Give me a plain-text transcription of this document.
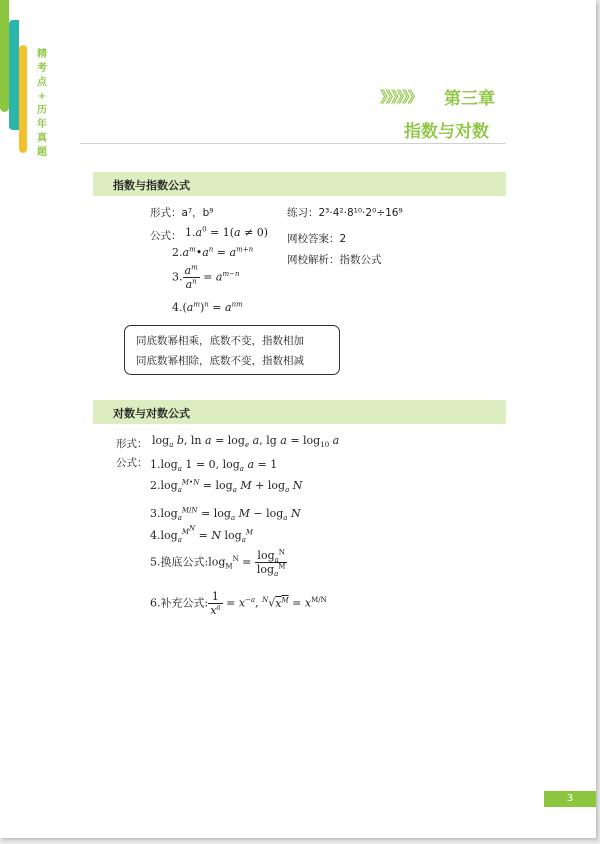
精
考
点
+
历
年
真
题
》》》》》》 第三章
指数与对数
指数与指数公式
形式：a⁷，b⁹	练习：2³·4²·8¹⁰·2⁰÷16⁹
公式： $1.a^0 = 1(a \ne 0)$ 网校答案：2
$2.a^m•a^n = a^{m+n}$
网校解析：指数公式
3. $\frac{a^m}{a^n} = a^{m-n}$
$4.(a^m)^n = a^{nm}$
同底数幂相乘，底数不变，指数相加
同底数幂相除，底数不变，指数相减
对数与对数公式
形式： $\log_a b$, $\ln a = \log_e a$, $\lg a = \log_{10} a$
公式： $1.\log_a$ 1 = 0, $\log_a a = 1$
$2.\log_a^{M•N} = \log_a M + \log_a N$
$3.\log_a^{M/N} = \log_a M - \log_a N$
$4.\log_a^{M^N} = N$ $\log_a^M$
5.换底公式$:\log_M^N = \frac{\log_a^N}{\log_a^M}$
6.补充公式: $\frac{1}{x^a} = x^{-a}$, $^N√x^M = x^{M/N}$
3
